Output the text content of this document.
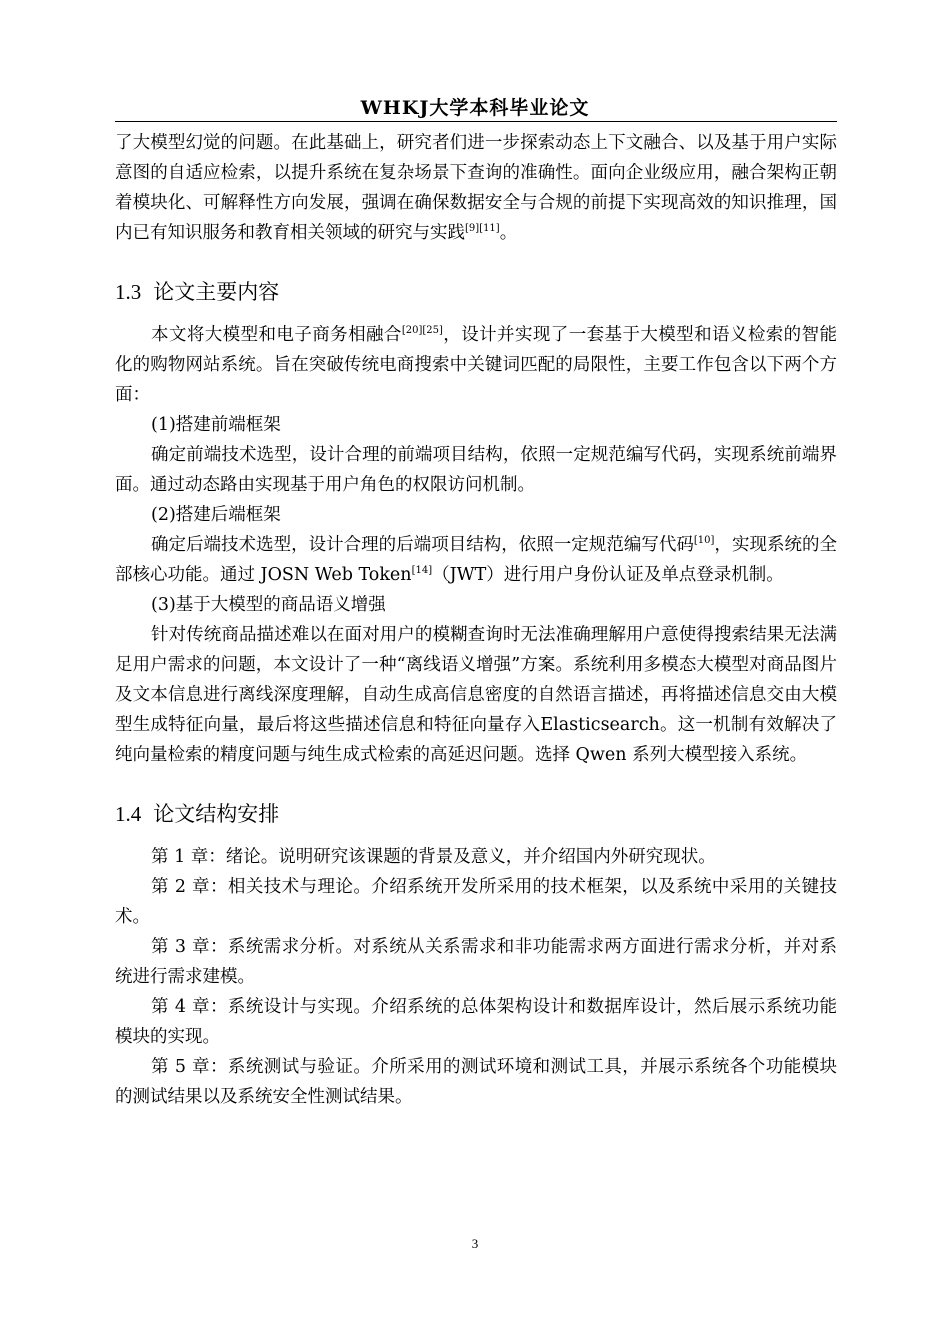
WHKJ大学本科毕业论文

了大模型幻觉的问题。在此基础上，研究者们进一步探索动态上下文融合、以及基于用户实际意图的自适应检索，以提升系统在复杂场景下查询的准确性。面向企业级应用，融合架构正朝着模块化、可解释性方向发展，强调在确保数据安全与合规的前提下实现高效的知识推理，国内已有知识服务和教育相关领域的研究与实践[9][11]。

1.3 论文主要内容

本文将大模型和电子商务相融合[20][25]，设计并实现了一套基于大模型和语义检索的智能化的购物网站系统。旨在突破传统电商搜索中关键词匹配的局限性，主要工作包含以下两个方面：

(1)搭建前端框架

确定前端技术选型，设计合理的前端项目结构，依照一定规范编写代码，实现系统前端界面。通过动态路由实现基于用户角色的权限访问机制。

(2)搭建后端框架

确定后端技术选型，设计合理的后端项目结构，依照一定规范编写代码[10]，实现系统的全部核心功能。通过 JOSN Web Token[14]（JWT）进行用户身份认证及单点登录机制。

(3)基于大模型的商品语义增强

针对传统商品描述难以在面对用户的模糊查询时无法准确理解用户意使得搜索结果无法满足用户需求的问题，本文设计了一种“离线语义增强”方案。系统利用多模态大模型对商品图片及文本信息进行离线深度理解，自动生成高信息密度的自然语言描述，再将描述信息交由大模型生成特征向量，最后将这些描述信息和特征向量存入Elasticsearch。这一机制有效解决了纯向量检索的精度问题与纯生成式检索的高延迟问题。选择 Qwen 系列大模型接入系统。

1.4 论文结构安排

第 1 章：绪论。说明研究该课题的背景及意义，并介绍国内外研究现状。

第 2 章：相关技术与理论。介绍系统开发所采用的技术框架，以及系统中采用的关键技术。

第 3 章：系统需求分析。对系统从关系需求和非功能需求两方面进行需求分析，并对系统进行需求建模。

第 4 章：系统设计与实现。介绍系统的总体架构设计和数据库设计，然后展示系统功能模块的实现。

第 5 章：系统测试与验证。介所采用的测试环境和测试工具，并展示系统各个功能模块的测试结果以及系统安全性测试结果。

3
